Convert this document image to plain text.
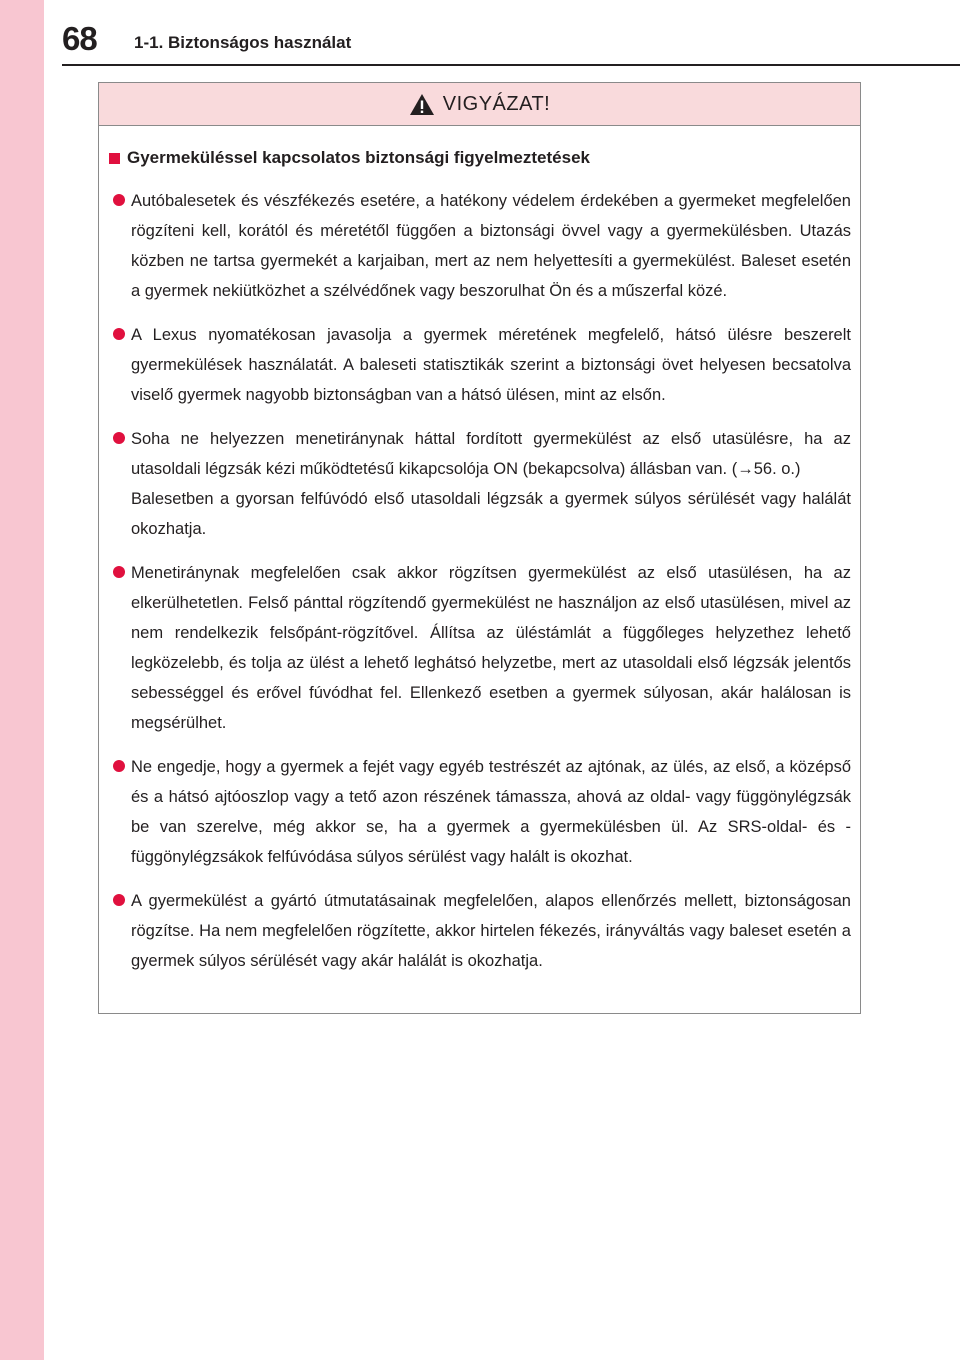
68 1-1. Biztonságos használat
VIGYÁZAT!
Gyermeküléssel kapcsolatos biztonsági figyelmeztetések

Autóbalesetek és vészfékezés esetére, a hatékony védelem érdekében a gyermeket megfelelően rögzíteni kell, korától és méretétől függően a biztonsági övvel vagy a gyermekülésben. Utazás közben ne tartsa gyermekét a karjaiban, mert az nem helyettesíti a gyermekülést. Baleset esetén a gyermek nekiütközhet a szélvédőnek vagy beszorulhat Ön és a műszerfal közé.

A Lexus nyomatékosan javasolja a gyermek méretének megfelelő, hátsó ülésre beszerelt gyermekülések használatát. A baleseti statisztikák szerint a biztonsági övet helyesen becsatolva viselő gyermek nagyobb biztonságban van a hátsó ülésen, mint az elsőn.

Soha ne helyezzen menetiránynak háttal fordított gyermekülést az első utasülésre, ha az utasoldali légzsák kézi működtetésű kikapcsolója ON (bekapcsolva) állásban van. (→56. o.)
Balesetben a gyorsan felfúvódó első utasoldali légzsák a gyermek súlyos sérülését vagy halálát okozhatja.

Menetiránynak megfelelően csak akkor rögzítsen gyermekülést az első utasülésen, ha az elkerülhetetlen. Felső pánttal rögzítendő gyermekülést ne használjon az első utasülésen, mivel az nem rendelkezik felsőpánt-rögzítővel. Állítsa az üléstámlát a függőleges helyzethez lehető legközelebb, és tolja az ülést a lehető leghátsó helyzetbe, mert az utasoldali első légzsák jelentős sebességgel és erővel fúvódhat fel. Ellenkező esetben a gyermek súlyosan, akár halálosan is megsérülhet.

Ne engedje, hogy a gyermek a fejét vagy egyéb testrészét az ajtónak, az ülés, az első, a középső és a hátsó ajtóoszlop vagy a tető azon részének támassza, ahová az oldal- vagy függönylégzsák be van szerelve, még akkor se, ha a gyermek a gyermekülésben ül. Az SRS-oldal- és -függönylégzsákok felfúvódása súlyos sérülést vagy halált is okozhat.

A gyermekülést a gyártó útmutatásainak megfelelően, alapos ellenőrzés mellett, biztonságosan rögzítse. Ha nem megfelelően rögzítette, akkor hirtelen fékezés, irányváltás vagy baleset esetén a gyermek súlyos sérülését vagy akár halálát is okozhatja.
